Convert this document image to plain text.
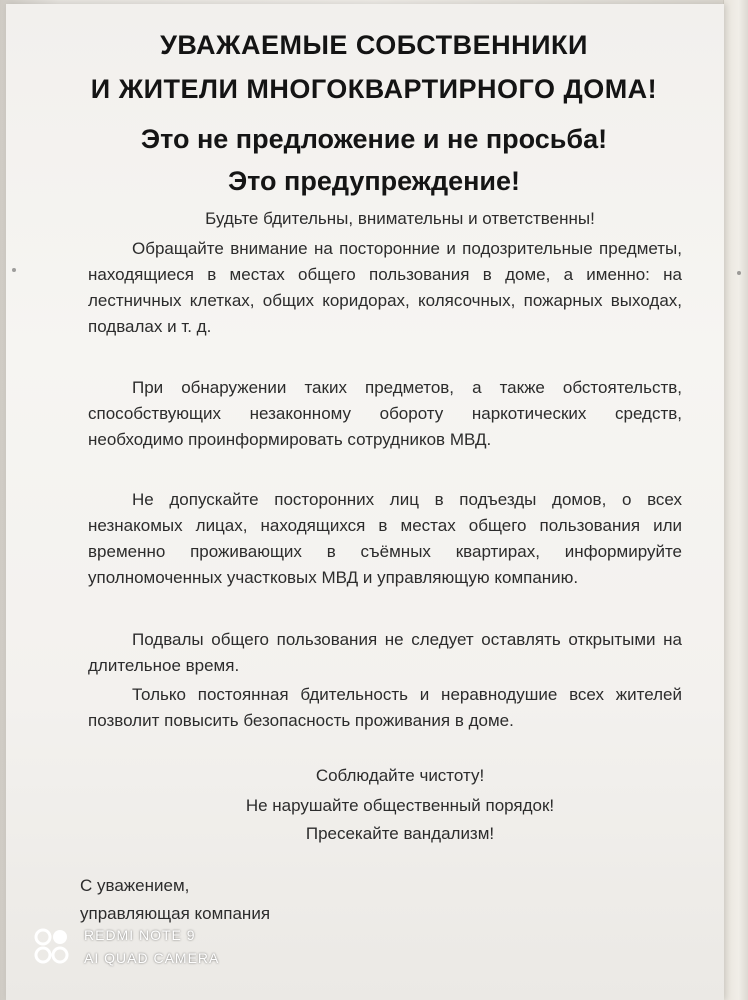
УВАЖАЕМЫЕ СОБСТВЕННИКИ
И ЖИТЕЛИ МНОГОКВАРТИРНОГО ДОМА!
Это не предложение и не просьба!
Это предупреждение!
Будьте бдительны, внимательны и ответственны!
Обращайте внимание на посторонние и подозрительные предметы, находящиеся в местах общего пользования в доме, а именно: на лестничных клетках, общих коридорах, колясочных, пожарных выходах, подвалах и т. д.
При обнаружении таких предметов, а также обстоятельств, способствующих незаконному обороту наркотических средств, необходимо проинформировать сотрудников МВД.
Не допускайте посторонних лиц в подъезды домов, о всех незнакомых лицах, находящихся в местах общего пользования или временно проживающих в съёмных квартирах, информируйте уполномоченных участковых МВД и управляющую компанию.
Подвалы общего пользования не следует оставлять открытыми на длительное время.
Только постоянная бдительность и неравнодушие всех жителей позволит повысить безопасность проживания в доме.
Соблюдайте чистоту!
Не нарушайте общественный порядок!
Пресекайте вандализм!
С уважением,
управляющая компания
REDMI NOTE 9
AI QUAD CAMERA
